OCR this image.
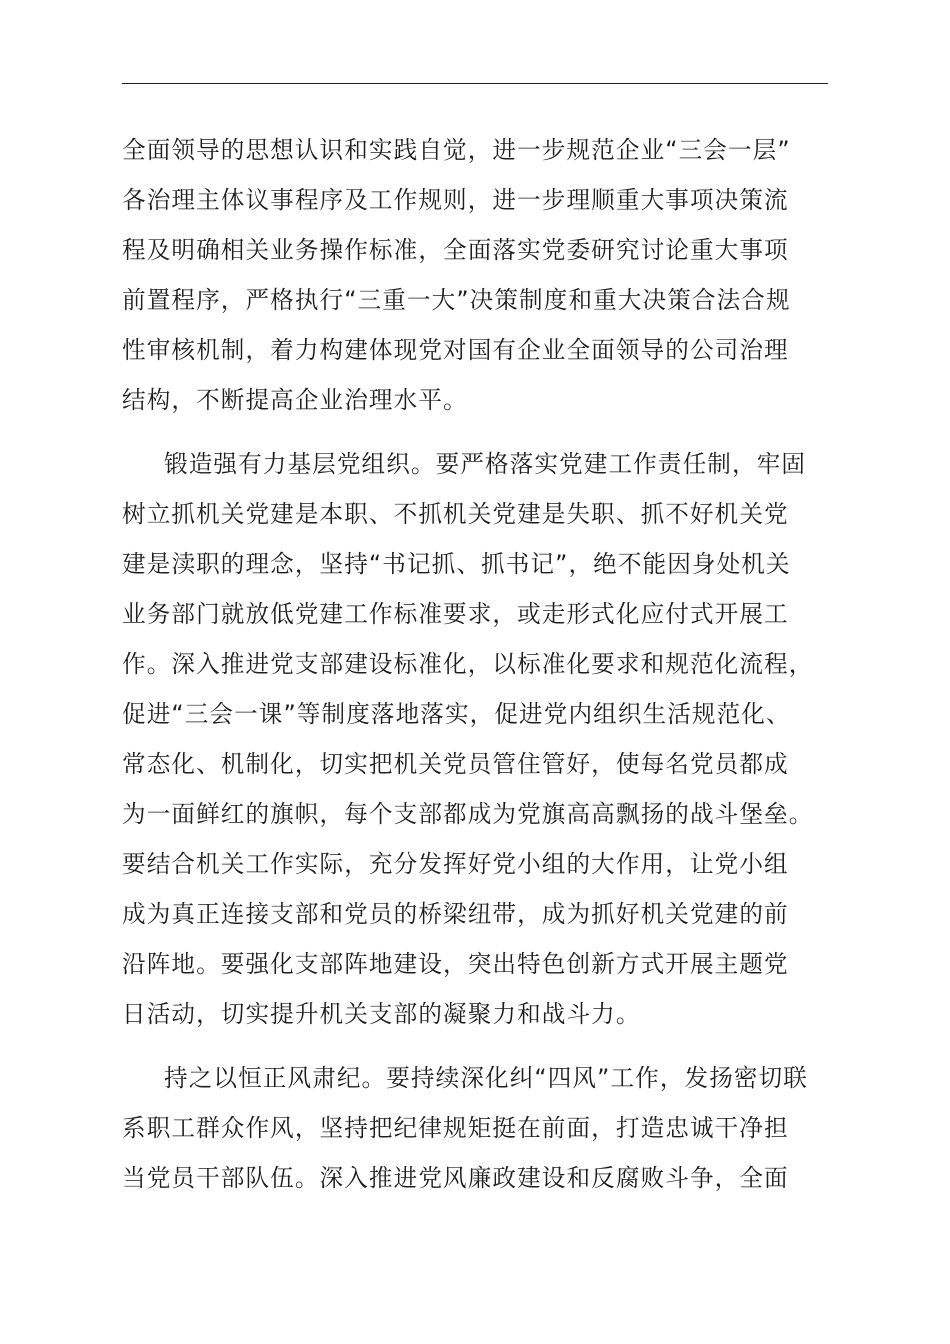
全面领导的思想认识和实践自觉，进一步规范企业“三会一层”
各治理主体议事程序及工作规则，进一步理顺重大事项决策流
程及明确相关业务操作标准，全面落实党委研究讨论重大事项
前置程序，严格执行“三重一大”决策制度和重大决策合法合规
性审核机制，着力构建体现党对国有企业全面领导的公司治理
结构，不断提高企业治理水平。
锻造强有力基层党组织。要严格落实党建工作责任制，牢固
树立抓机关党建是本职、不抓机关党建是失职、抓不好机关党
建是渎职的理念，坚持“书记抓、抓书记”，绝不能因身处机关
业务部门就放低党建工作标准要求，或走形式化应付式开展工
作。深入推进党支部建设标准化，以标准化要求和规范化流程，
促进“三会一课”等制度落地落实，促进党内组织生活规范化、
常态化、机制化，切实把机关党员管住管好，使每名党员都成
为一面鲜红的旗帜，每个支部都成为党旗高高飘扬的战斗堡垒。
要结合机关工作实际，充分发挥好党小组的大作用，让党小组
成为真正连接支部和党员的桥梁纽带，成为抓好机关党建的前
沿阵地。要强化支部阵地建设，突出特色创新方式开展主题党
日活动，切实提升机关支部的凝聚力和战斗力。
持之以恒正风肃纪。要持续深化纠“四风”工作，发扬密切联
系职工群众作风，坚持把纪律规矩挺在前面，打造忠诚干净担
当党员干部队伍。深入推进党风廉政建设和反腐败斗争，全面
